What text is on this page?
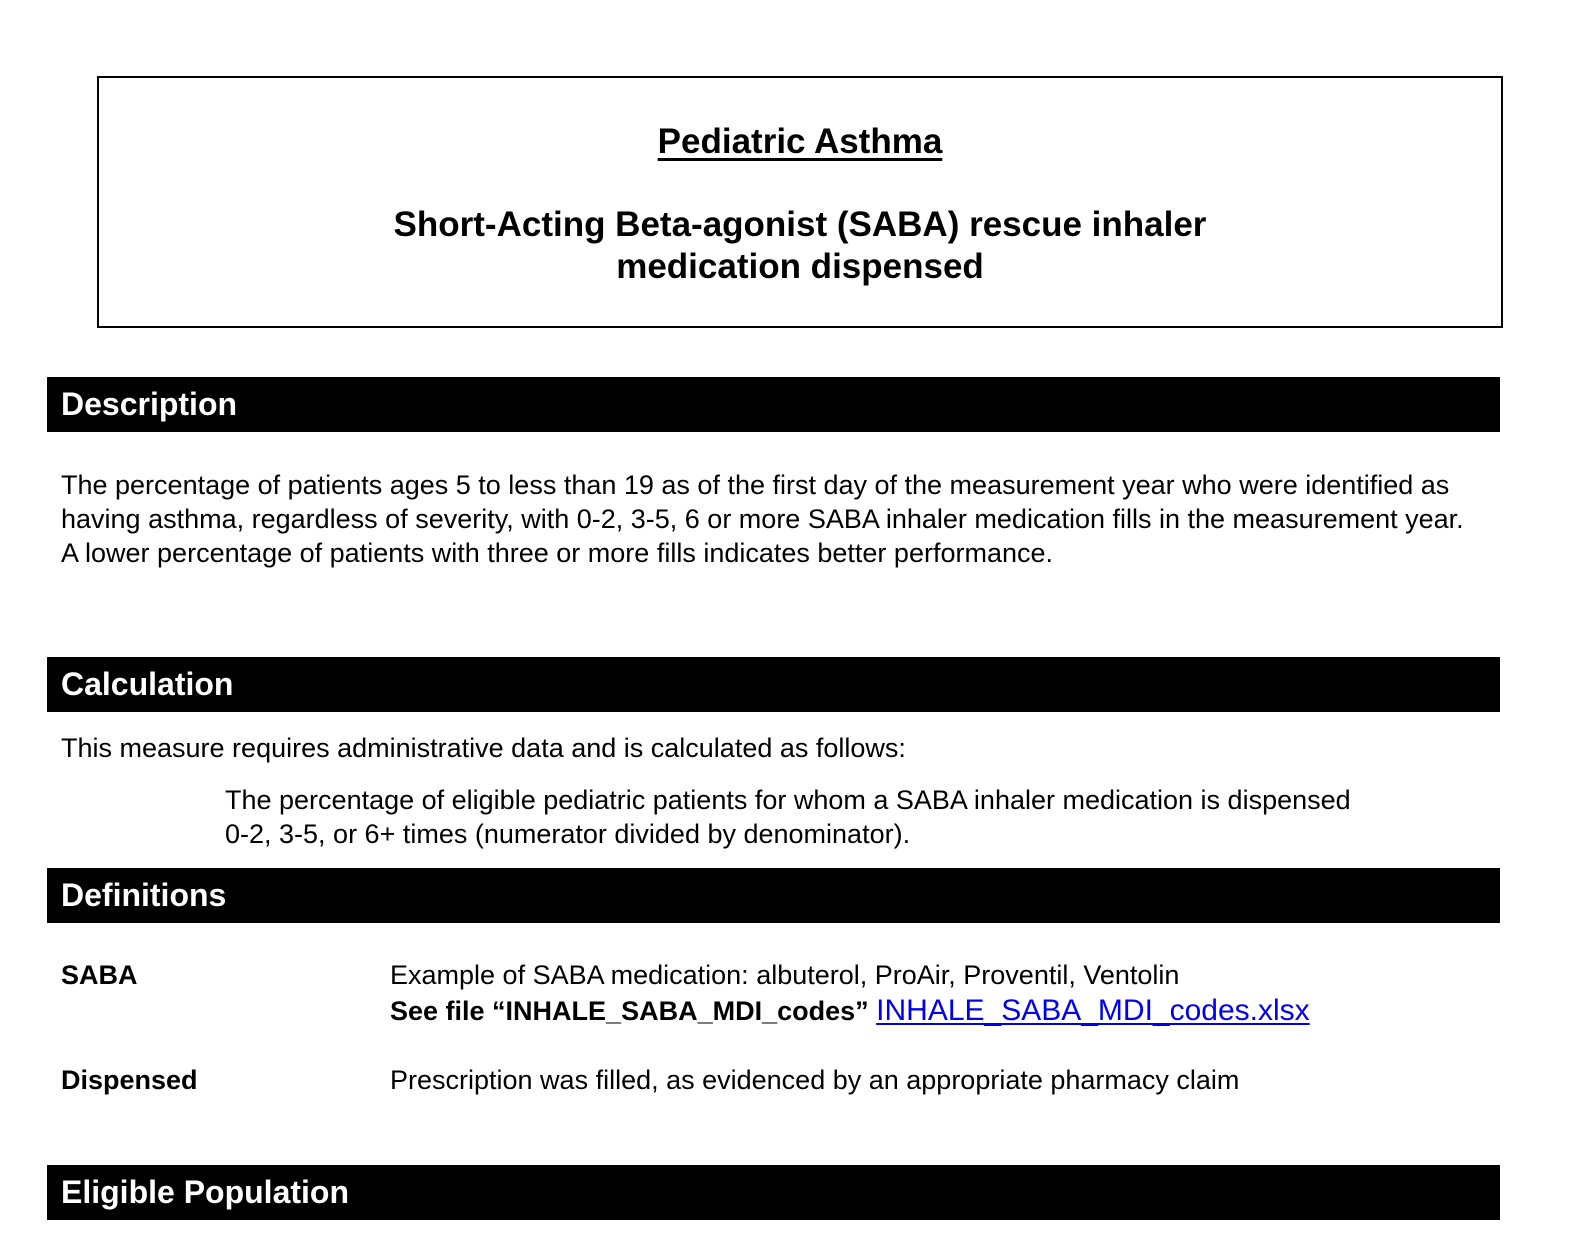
Pediatric Asthma
Short-Acting Beta-agonist (SABA) rescue inhaler
medication dispensed
Description
The percentage of patients ages 5 to less than 19 as of the first day of the measurement year who were identified as having asthma, regardless of severity, with 0-2, 3-5, 6 or more SABA inhaler medication fills in the measurement year. A lower percentage of patients with three or more fills indicates better performance.
Calculation
This measure requires administrative data and is calculated as follows:
The percentage of eligible pediatric patients for whom a SABA inhaler medication is dispensed 0-2, 3-5, or 6+ times (numerator divided by denominator).
Definitions
SABA	Example of SABA medication: albuterol, ProAir, Proventil, Ventolin
See file “INHALE_SABA_MDI_codes” INHALE_SABA_MDI_codes.xlsx
Dispensed	Prescription was filled, as evidenced by an appropriate pharmacy claim
Eligible Population
